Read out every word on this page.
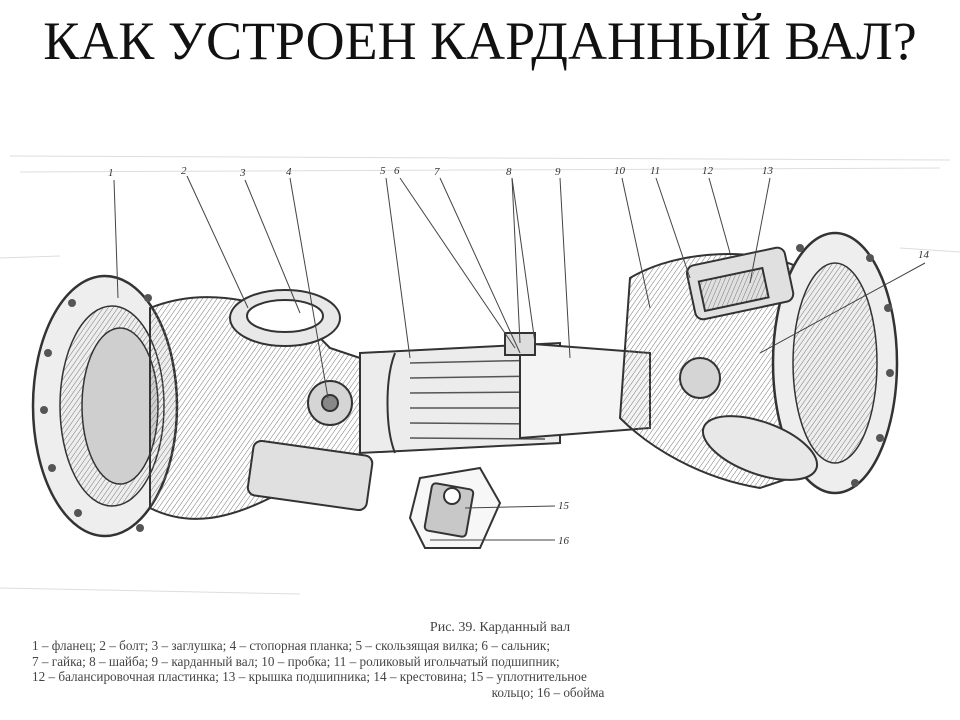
КАК УСТРОЕН КАРДАННЫЙ ВАЛ?
1	2	3	4	5 6	7	8	9	10 11	12	13
14
15
16
Рис. 39. Карданный вал
1 – фланец ; 2 – болт ; 3 – заглушка ; 4 – стопорная планка ; 5 – скользящая вилка ; 6 – сальник;
7 – гайка ; 8 – шайба ; 9 – карданный вал ; 10 – пробка ; 11 – роликовый игольчатый подшипник;
12 – балансировочная пластинка ; 13 – крышка подшипника ; 14 – крестовина ; 15 – уплотнительное
кольцо ; 16 – обойма
